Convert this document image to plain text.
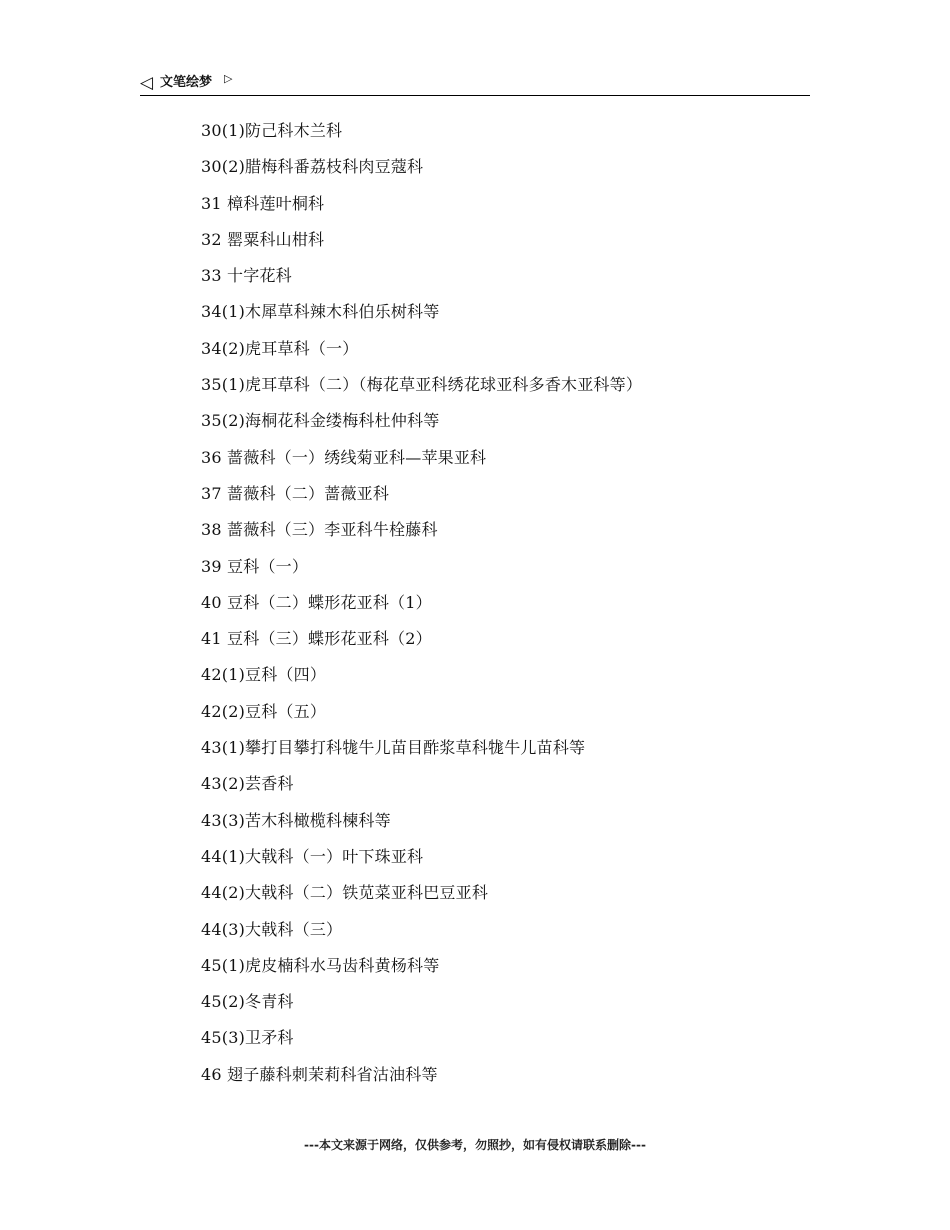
◁ 文笔绘梦 ▷
30(1)防己科木兰科
30(2)腊梅科番荔枝科肉豆蔻科
31 樟科莲叶桐科
32 罂粟科山柑科
33 十字花科
34(1)木犀草科辣木科伯乐树科等
34(2)虎耳草科（一）
35(1)虎耳草科（二）（梅花草亚科绣花球亚科多香木亚科等）
35(2)海桐花科金缕梅科杜仲科等
36 蔷薇科（一）绣线菊亚科—苹果亚科
37 蔷薇科（二）蔷薇亚科
38 蔷薇科（三）李亚科牛栓藤科
39 豆科（一）
40 豆科（二）蝶形花亚科（1）
41 豆科（三）蝶形花亚科（2）
42(1)豆科（四）
42(2)豆科（五）
43(1)攀打目攀打科牻牛儿苗目酢浆草科牻牛儿苗科等
43(2)芸香科
43(3)苦木科橄榄科楝科等
44(1)大戟科（一）叶下珠亚科
44(2)大戟科（二）铁苋菜亚科巴豆亚科
44(3)大戟科（三）
45(1)虎皮楠科水马齿科黄杨科等
45(2)冬青科
45(3)卫矛科
46 翅子藤科刺茉莉科省沽油科等
---本文来源于网络，仅供参考，勿照抄，如有侵权请联系删除---
